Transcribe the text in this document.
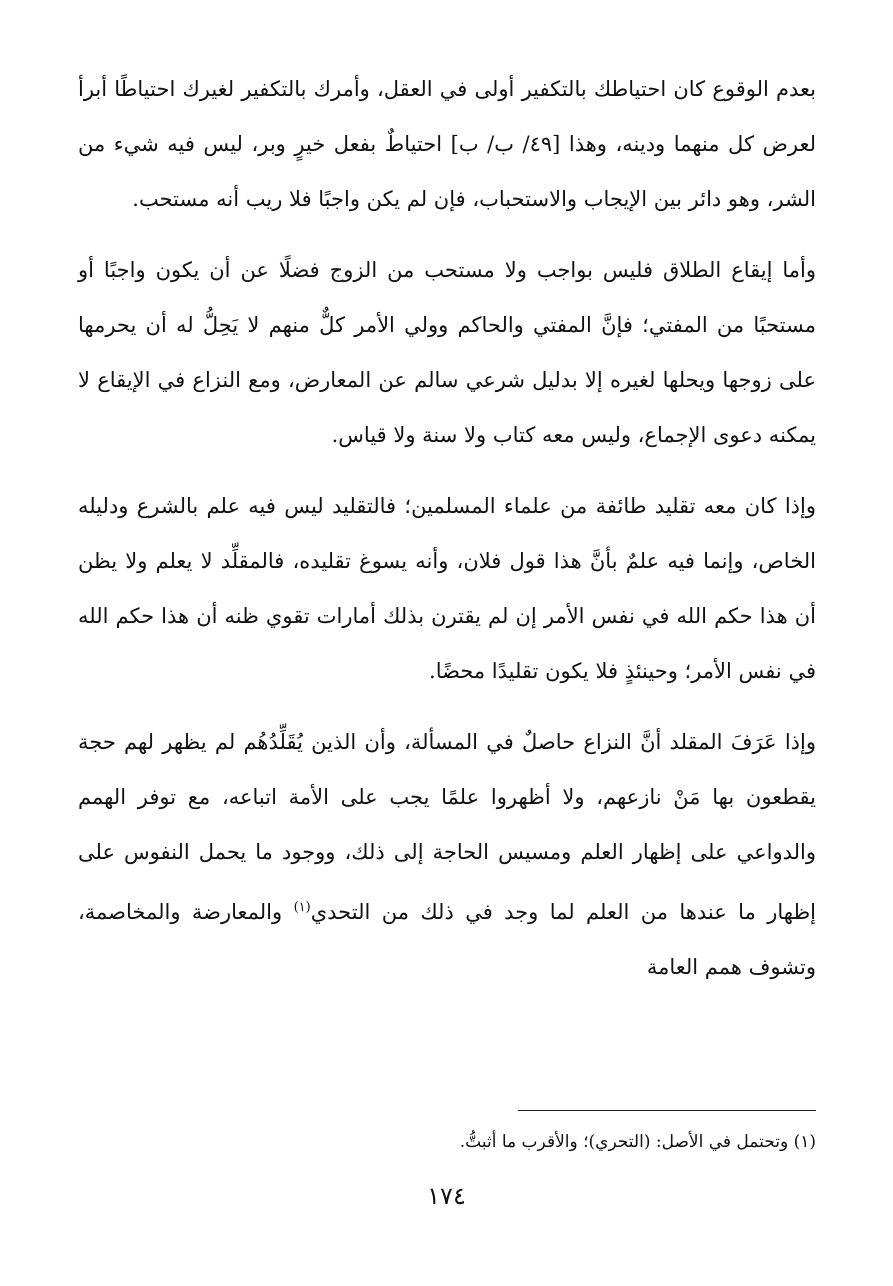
بعدم الوقوع كان احتياطك بالتكفير أولى في العقل، وأمرك بالتكفير لغيرك احتياطًا أبرأ لعرض كل منهما ودينه، وهذا [٤٩/ ب/ ب] احتياطٌ بفعل خيرٍ وبر، ليس فيه شيء من الشر، وهو دائر بين الإيجاب والاستحباب، فإن لم يكن واجبًا فلا ريب أنه مستحب.

وأما إيقاع الطلاق فليس بواجب ولا مستحب من الزوج فضلًا عن أن يكون واجبًا أو مستحبًا من المفتي؛ فإنَّ المفتي والحاكم وولي الأمر كلٌّ منهم لا يَحِلُّ له أن يحرمها على زوجها ويحلها لغيره إلا بدليل شرعي سالم عن المعارض، ومع النزاع في الإيقاع لا يمكنه دعوى الإجماع، وليس معه كتاب ولا سنة ولا قياس.

وإذا كان معه تقليد طائفة من علماء المسلمين؛ فالتقليد ليس فيه علم بالشرع ودليله الخاص، وإنما فيه علمٌ بأنَّ هذا قول فلان، وأنه يسوغ تقليده، فالمقلِّد لا يعلم ولا يظن أن هذا حكم الله في نفس الأمر إن لم يقترن بذلك أمارات تقوي ظنه أن هذا حكم الله في نفس الأمر؛ وحينئذٍ فلا يكون تقليدًا محضًا.

وإذا عَرَفَ المقلد أنَّ النزاع حاصلٌ في المسألة، وأن الذين يُقَلِّدُهُم لم يظهر لهم حجة يقطعون بها مَنْ نازعهم، ولا أظهروا علمًا يجب على الأمة اتباعه، مع توفر الهمم والدواعي على إظهار العلم ومسيس الحاجة إلى ذلك، ووجود ما يحمل النفوس على إظهار ما عندها من العلم لما وجد في ذلك من التحدي$^{(١)}$ والمعارضة والمخاصمة، وتشوف همم العامة

(١) وتحتمل في الأصل: (التحري)؛ والأقرب ما أثبتُّ.
١٧٤
